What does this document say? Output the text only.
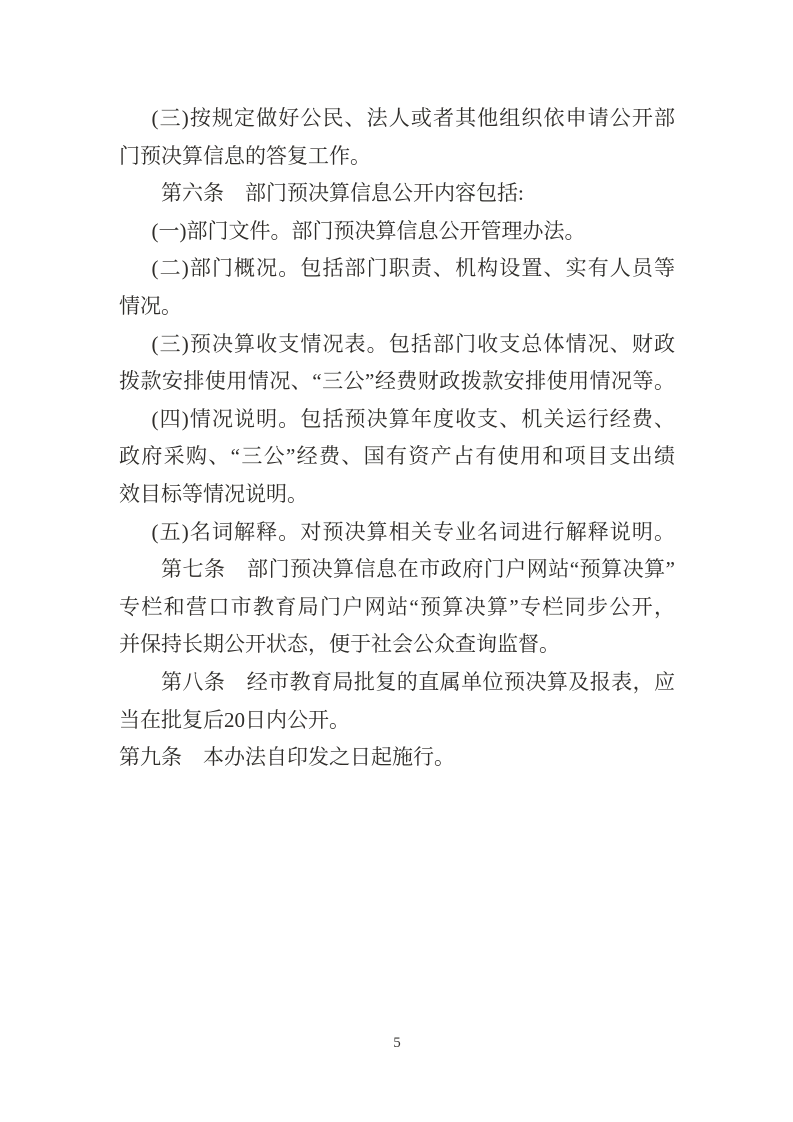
(三)按规定做好公民、法人或者其他组织依申请公开部
门预决算信息的答复工作。
第六条　部门预决算信息公开内容包括:
(一)部门文件。部门预决算信息公开管理办法。
(二)部门概况。包括部门职责、机构设置、实有人员等
情况。
(三)预决算收支情况表。包括部门收支总体情况、财政
拨款安排使用情况、“三公”经费财政拨款安排使用情况等。
(四)情况说明。包括预决算年度收支、机关运行经费、
政府采购、“三公”经费、国有资产占有使用和项目支出绩
效目标等情况说明。
(五)名词解释。对预决算相关专业名词进行解释说明。
第七条　部门预决算信息在市政府门户网站“预算决算”
专栏和营口市教育局门户网站“预算决算”专栏同步公开，
并保持长期公开状态，便于社会公众查询监督。
第八条　经市教育局批复的直属单位预决算及报表，应
当在批复后20日内公开。
第九条　本办法自印发之日起施行。
5
